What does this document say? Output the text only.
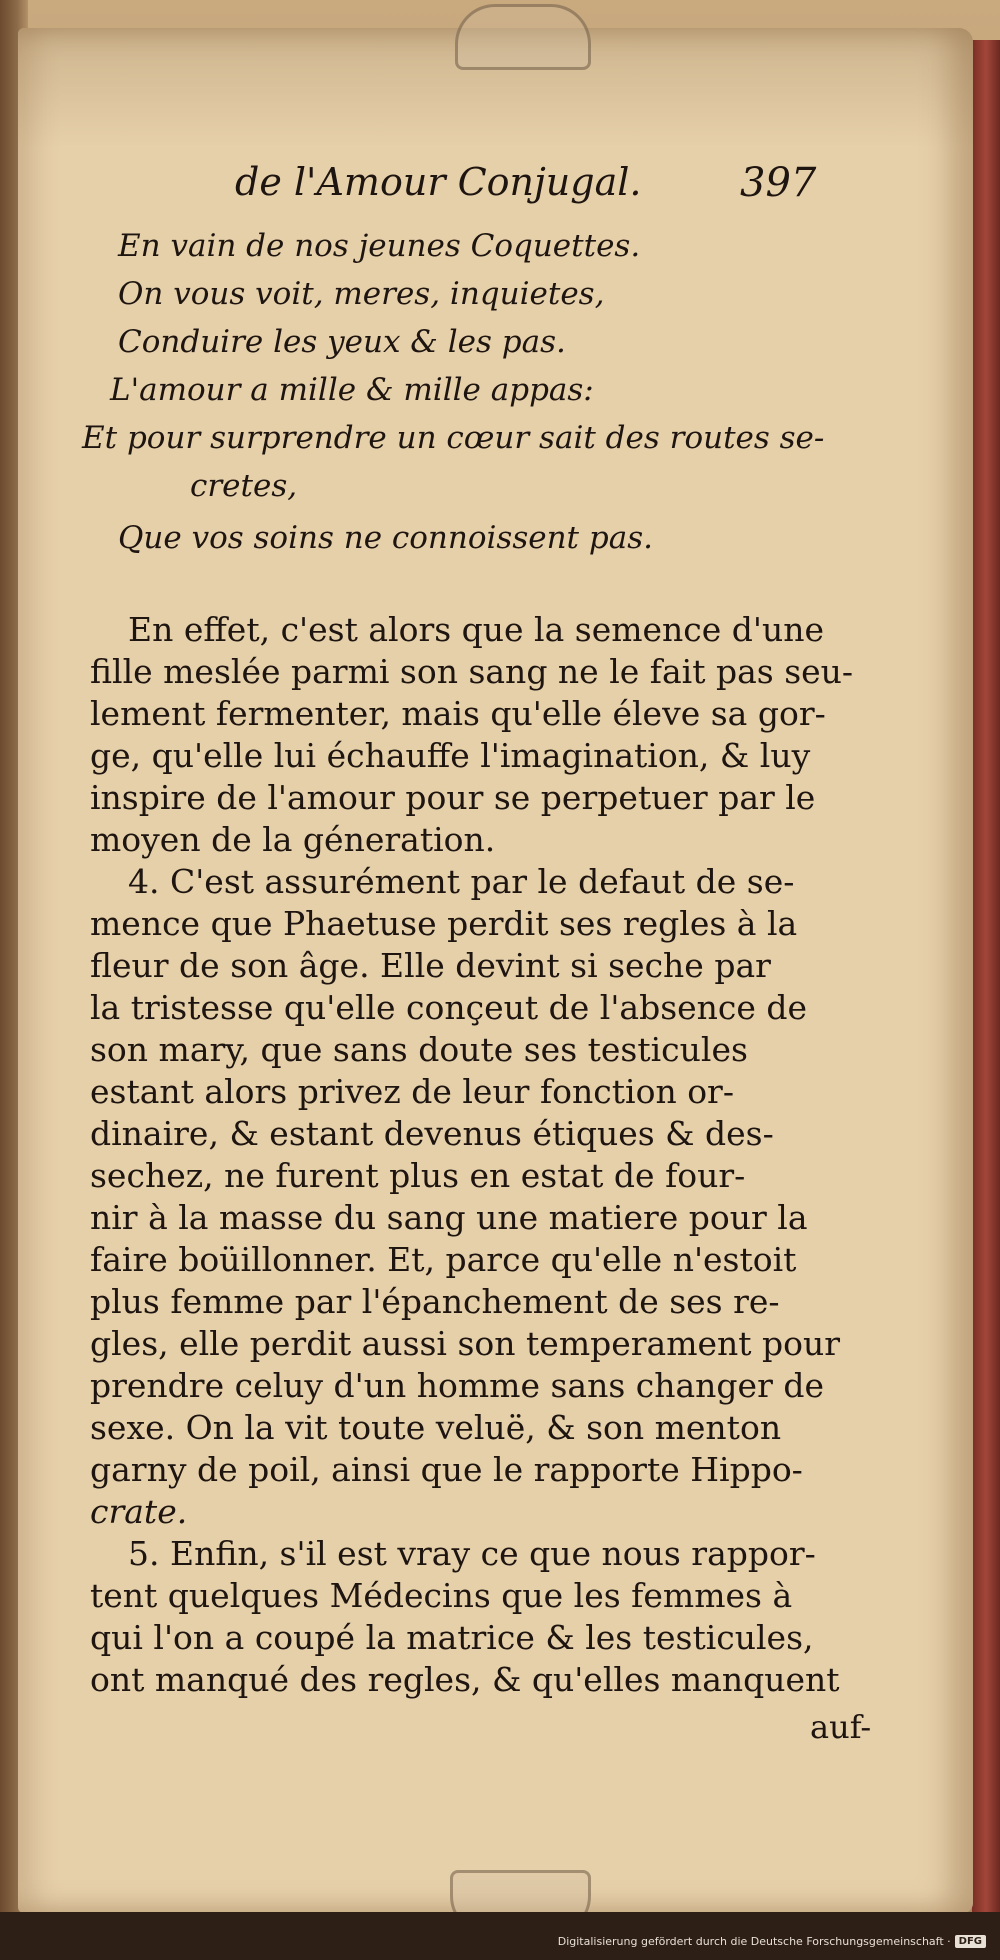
de l'Amour Conjugal. 397
En vain de nos jeunes Coquettes.
On vous voit, meres, inquietes,
Conduire les yeux & les pas.
L'amour a mille & mille appas:
Et pour surprendre un cœur sait des routes se-
cretes,
Que vos soins ne connoissent pas.
En effet, c'est alors que la semence d'une
fille meslée parmi son sang ne le fait pas seu-
lement fermenter, mais qu'elle éleve sa gor-
ge, qu'elle lui échauffe l'imagination, & luy
inspire de l'amour pour se perpetuer par le
moyen de la géneration.
4. C'est assurément par le defaut de se-
mence que Phaetuse perdit ses regles à la
fleur de son âge. Elle devint si seche par
la tristesse qu'elle conçeut de l'absence de
son mary, que sans doute ses testicules
estant alors privez de leur fonction or-
dinaire, & estant devenus étiques & des-
sechez, ne furent plus en estat de four-
nir à la masse du sang une matiere pour la
faire boüillonner. Et, parce qu'elle n'estoit
plus femme par l'épanchement de ses re-
gles, elle perdit aussi son temperament pour
prendre celuy d'un homme sans changer de
sexe. On la vit toute veluë, & son menton
garny de poil, ainsi que le rapporte Hippo-
crate.
5. Enfin, s'il est vray ce que nous rappor-
tent quelques Médecins que les femmes à
qui l'on a coupé la matrice & les testicules,
ont manqué des regles, & qu'elles manquent
auf-
Digitalisierung gefördert durch die Deutsche Forschungsgemeinschaft · DFG
